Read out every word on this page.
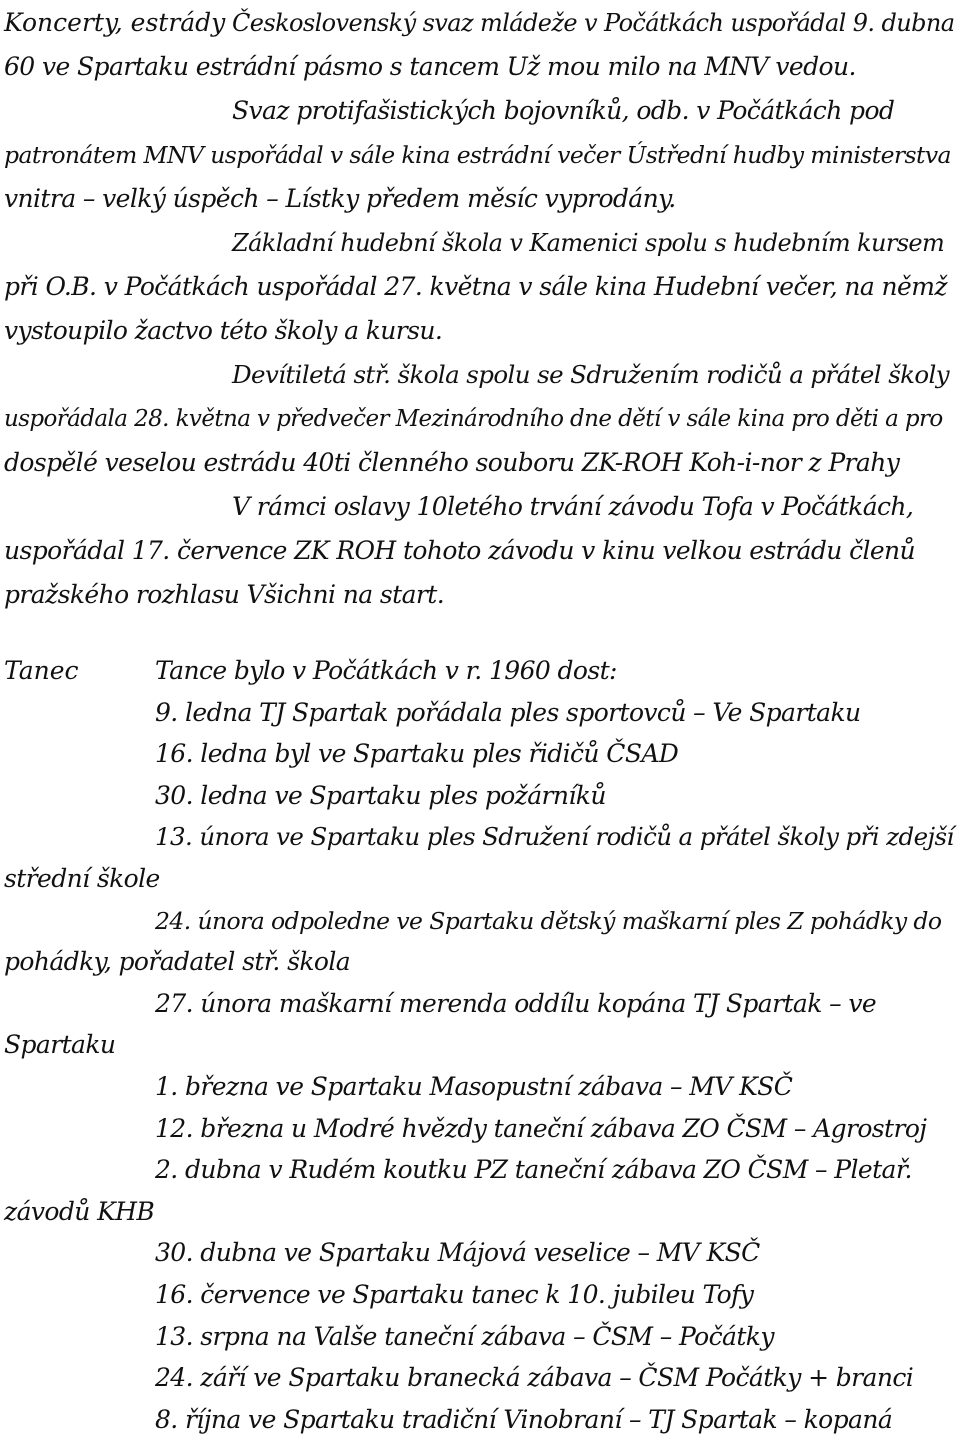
Koncerty, estrády Československý svaz mládeže v Počátkách uspořádal 9. dubna
60 ve Spartaku estrádní pásmo s tancem Už mou milo na MNV vedou.
Svaz protifašistických bojovníků, odb. v Počátkách pod
patronátem MNV uspořádal v sále kina estrádní večer Ústřední hudby ministerstva
vnitra – velký úspěch – Lístky předem měsíc vyprodány.
Základní hudební škola v Kamenici spolu s hudebním kursem
při O.B. v Počátkách uspořádal 27. května v sále kina Hudební večer, na němž
vystoupilo žactvo této školy a kursu.
Devítiletá stř. škola spolu se Sdružením rodičů a přátel školy
uspořádala 28. května v předvečer Mezinárodního dne dětí v sále kina pro děti a pro
dospělé veselou estrádu 40ti členného souboru ZK-ROH Koh-i-nor z Prahy
V rámci oslavy 10letého trvání závodu Tofa v Počátkách,
uspořádal 17. července ZK ROH tohoto závodu v kinu velkou estrádu členů
pražského rozhlasu Všichni na start.
Tanec	Tance bylo v Počátkách v r. 1960 dost:
9. ledna TJ Spartak pořádala ples sportovců – Ve Spartaku
16. ledna byl ve Spartaku ples řidičů ČSAD
30. ledna ve Spartaku ples požárníků
13. února ve Spartaku ples Sdružení rodičů a přátel školy při zdejší
střední škole
24. února odpoledne ve Spartaku dětský maškarní ples Z pohádky do
pohádky, pořadatel stř. škola
27. února maškarní merenda oddílu kopána TJ Spartak – ve
Spartaku
1. března ve Spartaku Masopustní zábava – MV KSČ
12. března u Modré hvězdy taneční zábava ZO ČSM – Agrostroj
2. dubna v Rudém koutku PZ taneční zábava ZO ČSM – Pletař.
závodů KHB
30. dubna ve Spartaku Májová veselice – MV KSČ
16. července ve Spartaku tanec k 10. jubileu Tofy
13. srpna na Valše taneční zábava – ČSM – Počátky
24. září ve Spartaku branecká zábava – ČSM Počátky + branci
8. října ve Spartaku tradiční Vinobraní – TJ Spartak – kopaná
